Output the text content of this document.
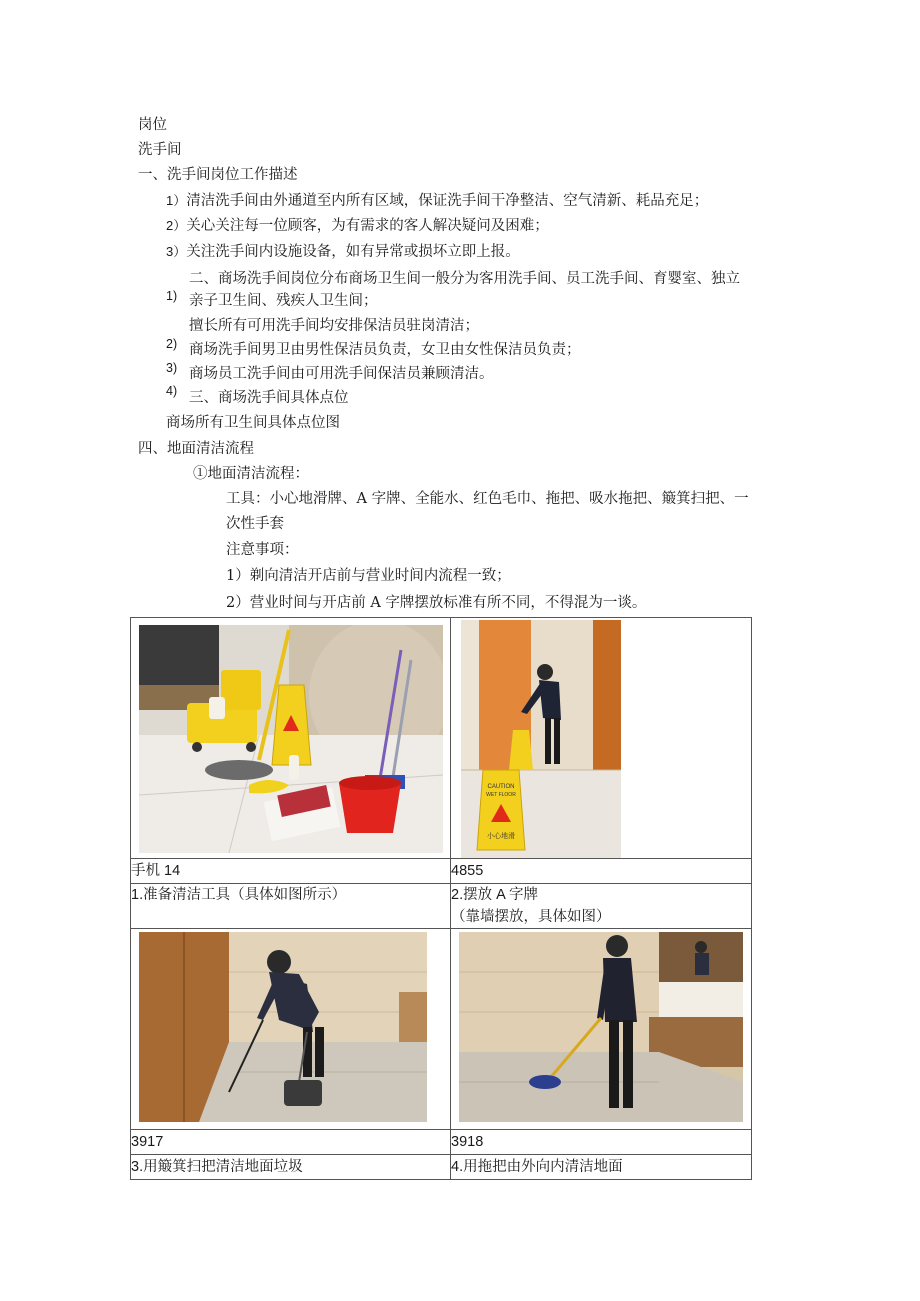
岗位
洗手间
一、洗手间岗位工作描述
1）清洁洗手间由外通道至内所有区域，保证洗手间干净整洁、空气清新、耗品充足；
2）关心关注每一位顾客，为有需求的客人解决疑问及困难；
3）关注洗手间内设施设备，如有异常或损坏立即上报。
二、商场洗手间岗位分布商场卫生间一般分为客用洗手间、员工洗手间、育婴室、独立
1) 亲子卫生间、残疾人卫生间；
擅长所有可用洗手间均安排保洁员驻岗清洁；
2) 商场洗手间男卫由男性保洁员负责，女卫由女性保洁员负责；
3) 商场员工洗手间由可用洗手间保洁员兼顾清洁。
4) 三、商场洗手间具体点位
商场所有卫生间具体点位图
四、地面清洁流程
①地面清洁流程：
工具：小心地滑牌、A 字牌、全能水、红色毛巾、拖把、吸水拖把、簸箕扫把、一
次性手套
注意事项：
1）剃向清洁开店前与营业时间内流程一致；
2）营业时间与开店前 A 字牌摆放标准有所不同，不得混为一谈。

CAUTION
WET FLOOR
小心地滑

手机 14	4855

1.准备清洁工具（具体如图所示）	2.摆放 A 字牌
（靠墙摆放，具体如图）

3917	3918
3.用簸箕扫把清洁地面垃圾	4.用拖把由外向内清洁地面
